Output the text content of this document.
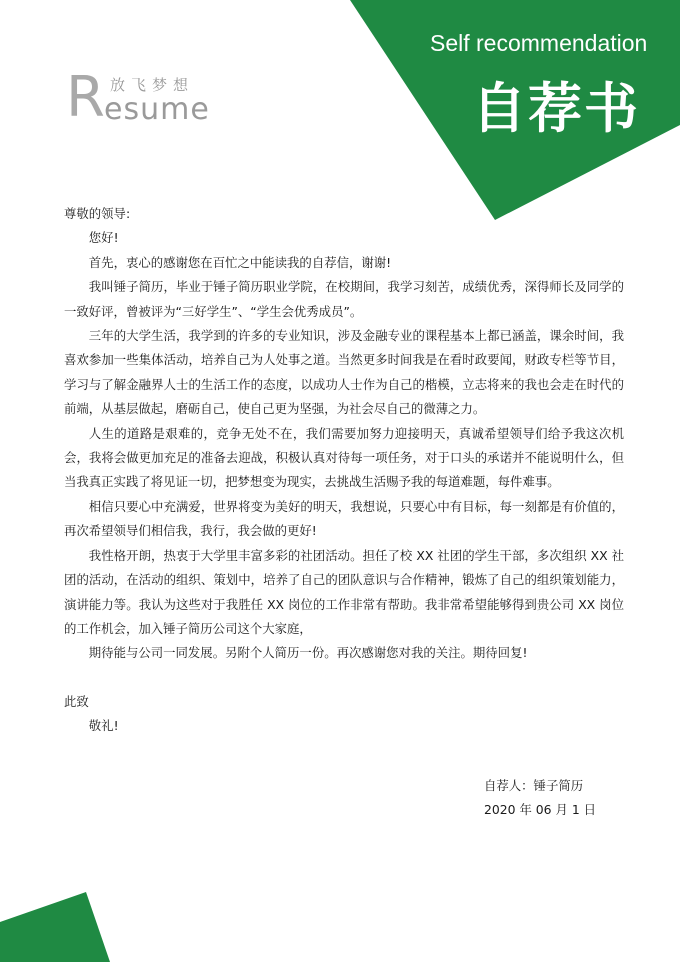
R 放飞梦想
esume
Self recommendation
自荐书

尊敬的领导:

您好!

首先，衷心的感谢您在百忙之中能读我的自荐信，谢谢!

我叫锤子简历，毕业于锤子简历职业学院，在校期间，我学习刻苦，成绩优秀，深得师长及同学的一致好评，曾被评为“三好学生”、“学生会优秀成员”。

三年的大学生活，我学到的许多的专业知识，涉及金融专业的课程基本上都已涵盖，课余时间，我喜欢参加一些集体活动，培养自己为人处事之道。当然更多时间我是在看时政要闻，财政专栏等节目，学习与了解金融界人士的生活工作的态度，以成功人士作为自己的楷模，立志将来的我也会走在时代的前端，从基层做起，磨砺自己，使自己更为坚强，为社会尽自己的微薄之力。

人生的道路是艰难的，竞争无处不在，我们需要加努力迎接明天，真诚希望领导们给予我这次机会，我将会做更加充足的准备去迎战，积极认真对待每一项任务，对于口头的承诺并不能说明什么，但当我真正实践了将见证一切，把梦想变为现实，去挑战生活赐予我的每道难题，每件难事。

相信只要心中充满爱，世界将变为美好的明天，我想说，只要心中有目标，每一刻都是有价值的，再次希望领导们相信我，我行，我会做的更好!

我性格开朗，热衷于大学里丰富多彩的社团活动。担任了校 XX 社团的学生干部，多次组织 XX 社团的活动，在活动的组织、策划中，培养了自己的团队意识与合作精神，锻炼了自己的组织策划能力，演讲能力等。我认为这些对于我胜任 XX 岗位的工作非常有帮助。我非常希望能够得到贵公司 XX 岗位的工作机会，加入锤子简历公司这个大家庭，

期待能与公司一同发展。另附个人简历一份。再次感谢您对我的关注。期待回复!

此致

敬礼!

自荐人：锤子简历
2020 年 06 月 1 日
